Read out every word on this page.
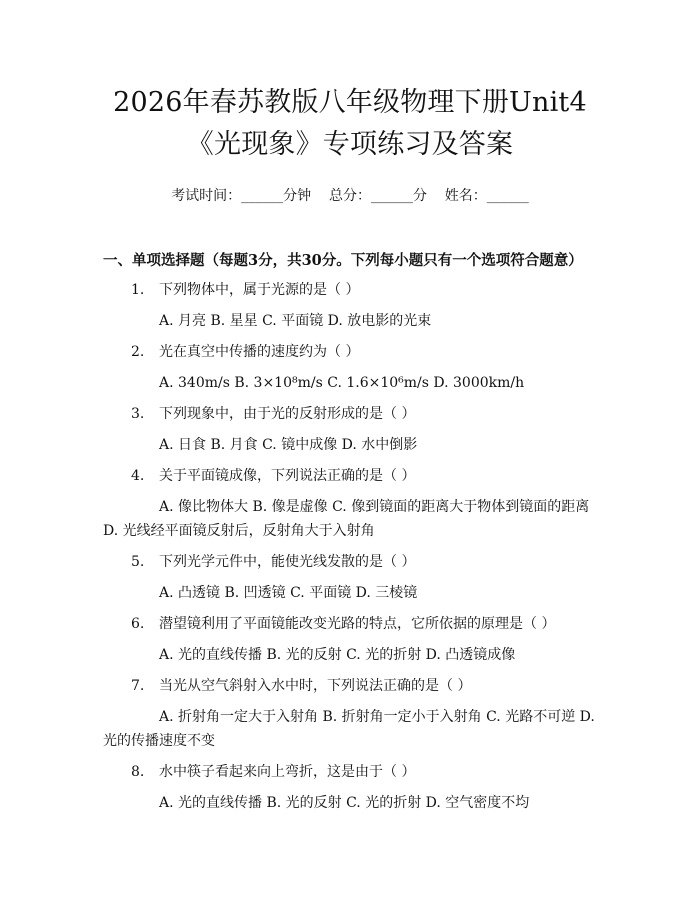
2026年春苏教版八年级物理下册Unit4《光现象》专项练习及答案
考试时间：______分钟    总分：______分    姓名：______
一、单项选择题（每题3分，共30分。下列每小题只有一个选项符合题意）
1.	下列物体中，属于光源的是（ ）
A. 月亮 B. 星星 C. 平面镜 D. 放电影的光束
2.	光在真空中传播的速度约为（ ）
A. 340m/s B. 3×10⁸m/s C. 1.6×10⁶m/s D. 3000km/h
3.	下列现象中，由于光的反射形成的是（ ）
A. 日食 B. 月食 C. 镜中成像 D. 水中倒影
4.	关于平面镜成像，下列说法正确的是（ ）
A. 像比物体大 B. 像是虚像 C. 像到镜面的距离大于物体到镜面的距离 D. 光线经平面镜反射后，反射角大于入射角
5.	下列光学元件中，能使光线发散的是（ ）
A. 凸透镜 B. 凹透镜 C. 平面镜 D. 三棱镜
6.	潜望镜利用了平面镜能改变光路的特点，它所依据的原理是（ ）
A. 光的直线传播 B. 光的反射 C. 光的折射 D. 凸透镜成像
7.	当光从空气斜射入水中时，下列说法正确的是（ ）
A. 折射角一定大于入射角 B. 折射角一定小于入射角 C. 光路不可逆 D. 光的传播速度不变
8.	水中筷子看起来向上弯折，这是由于（ ）
A. 光的直线传播 B. 光的反射 C. 光的折射 D. 空气密度不均
